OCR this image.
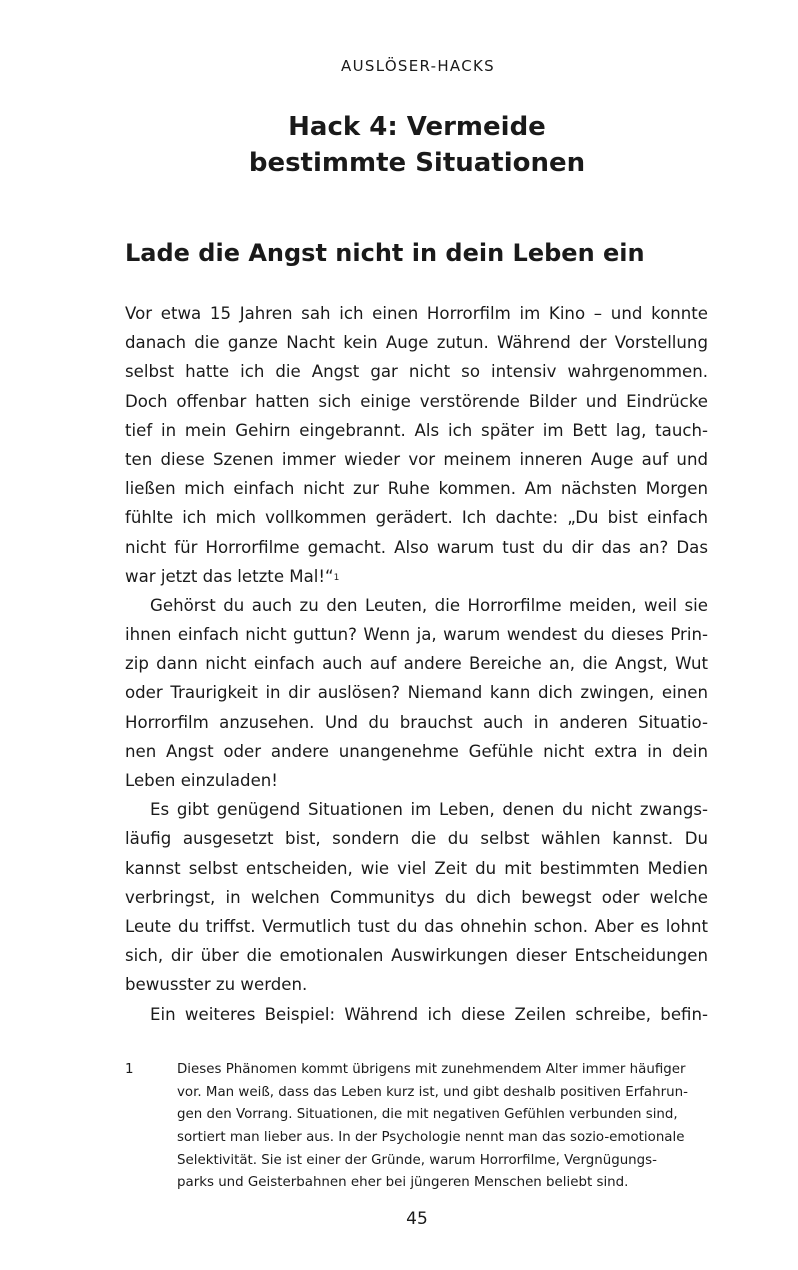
AUSLÖSER-HACKS
Hack 4: Vermeide
bestimmte Situationen
Lade die Angst nicht in dein Leben ein
Vor etwa 15 Jahren sah ich einen Horrorfilm im Kino – und konnte
danach die ganze Nacht kein Auge zutun. Während der Vorstellung
selbst hatte ich die Angst gar nicht so intensiv wahrgenommen.
Doch offenbar hatten sich einige verstörende Bilder und Eindrücke
tief in mein Gehirn eingebrannt. Als ich später im Bett lag, tauch-
ten diese Szenen immer wieder vor meinem inneren Auge auf und
ließen mich einfach nicht zur Ruhe kommen. Am nächsten Morgen
fühlte ich mich vollkommen gerädert. Ich dachte: „Du bist einfach
nicht für Horrorfilme gemacht. Also warum tust du dir das an? Das
war jetzt das letzte Mal!“$^1$
Gehörst du auch zu den Leuten, die Horrorfilme meiden, weil sie
ihnen einfach nicht guttun? Wenn ja, warum wendest du dieses Prin-
zip dann nicht einfach auch auf andere Bereiche an, die Angst, Wut
oder Traurigkeit in dir auslösen? Niemand kann dich zwingen, einen
Horrorfilm anzusehen. Und du brauchst auch in anderen Situatio-
nen Angst oder andere unangenehme Gefühle nicht extra in dein
Leben einzuladen!
Es gibt genügend Situationen im Leben, denen du nicht zwangs-
läufig ausgesetzt bist, sondern die du selbst wählen kannst. Du
kannst selbst entscheiden, wie viel Zeit du mit bestimmten Medien
verbringst, in welchen Communitys du dich bewegst oder welche
Leute du triffst. Vermutlich tust du das ohnehin schon. Aber es lohnt
sich, dir über die emotionalen Auswirkungen dieser Entscheidungen
bewusster zu werden.
Ein weiteres Beispiel: Während ich diese Zeilen schreibe, befin-
1	Dieses Phänomen kommt übrigens mit zunehmendem Alter immer häufiger
vor. Man weiß, dass das Leben kurz ist, und gibt deshalb positiven Erfahrun-
gen den Vorrang. Situationen, die mit negativen Gefühlen verbunden sind,
sortiert man lieber aus. In der Psychologie nennt man das sozio-emotionale
Selektivität. Sie ist einer der Gründe, warum Horrorfilme, Vergnügungs-
parks und Geisterbahnen eher bei jüngeren Menschen beliebt sind.
45
